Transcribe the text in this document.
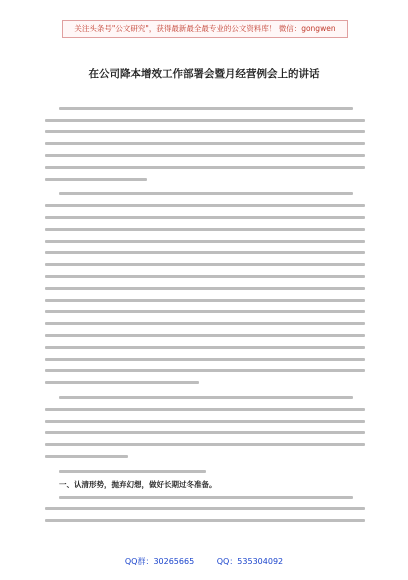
关注头条号"公文研究"，获得最新最全最专业的公文资料库！ 微信：gongwen
在公司降本增效工作部署会暨月经营例会上的讲话
一、认清形势，抛弃幻想，做好长期过冬准备。
QQ群：30265665	QQ：535304092
